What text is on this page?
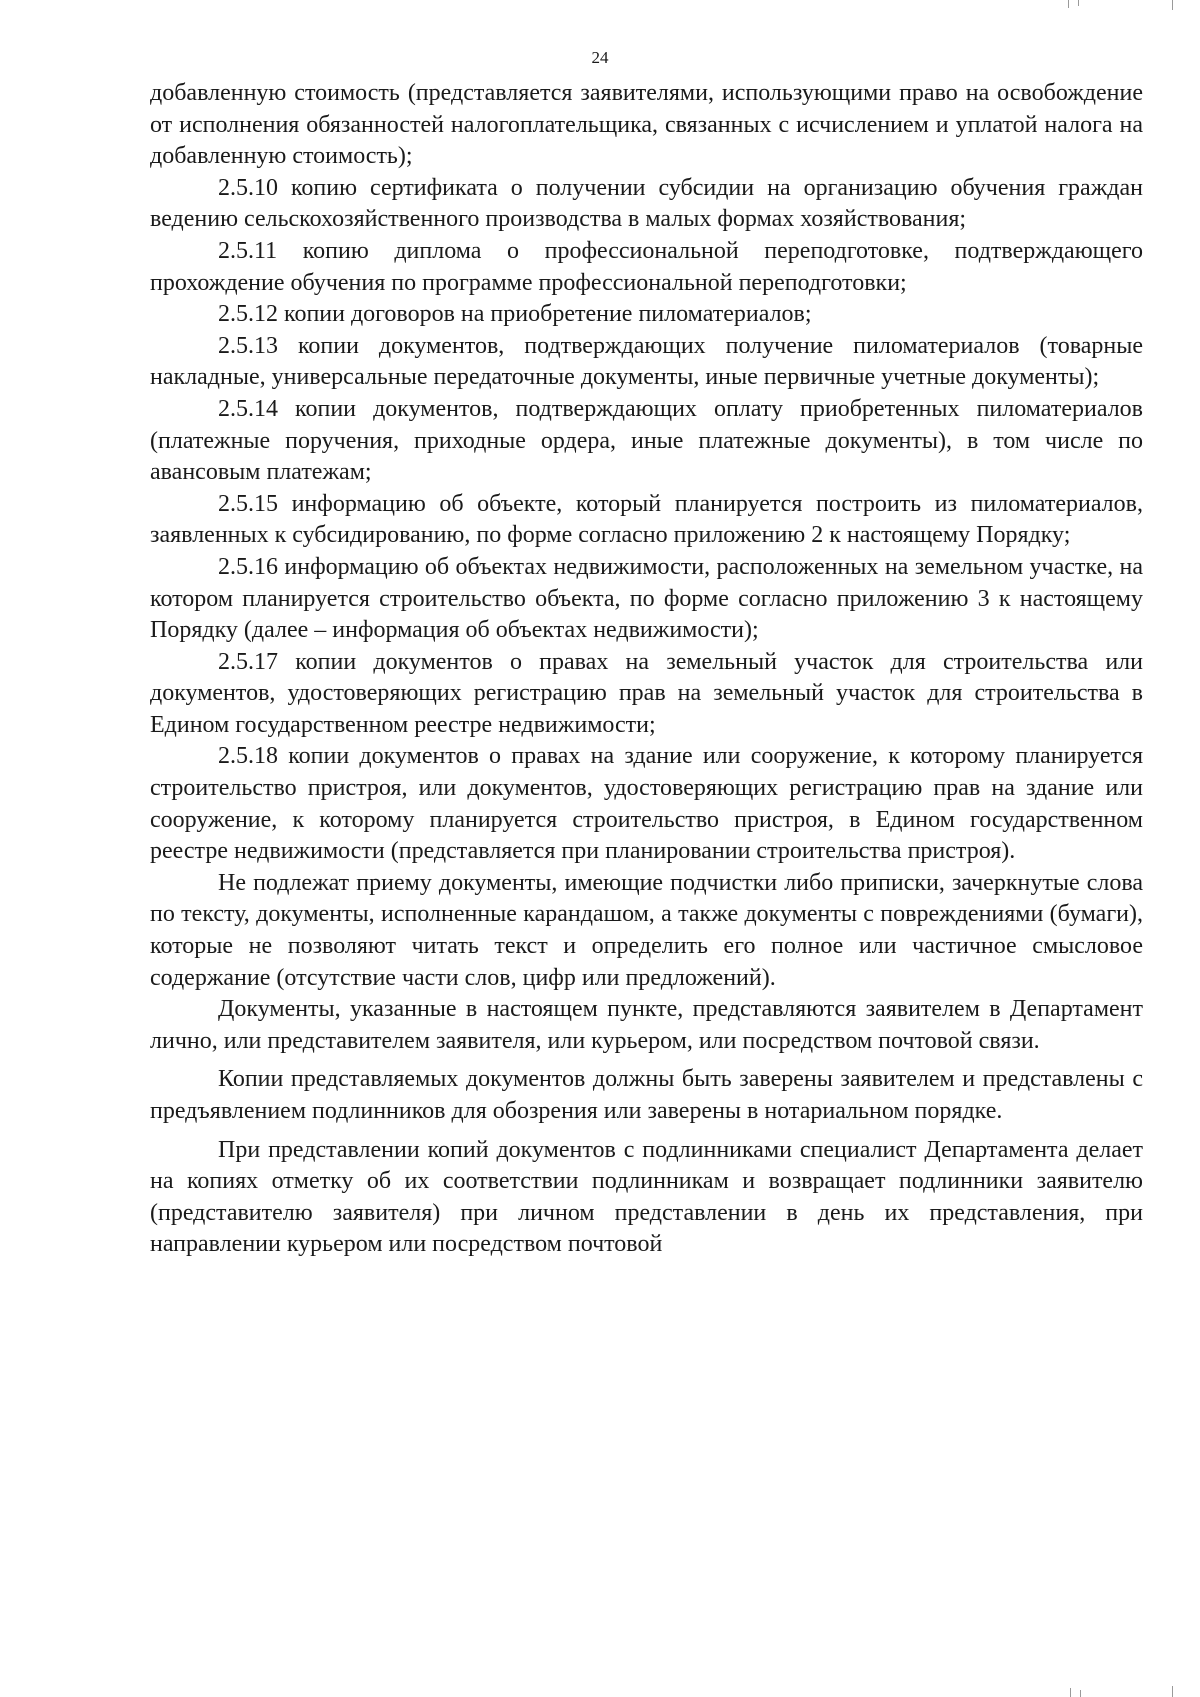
24

добавленную стоимость (представляется заявителями, использующими право на освобождение от исполнения обязанностей налогоплательщика, связанных с исчислением и уплатой налога на добавленную стоимость);

2.5.10 копию сертификата о получении субсидии на организацию обучения граждан ведению сельскохозяйственного производства в малых формах хозяйствования;

2.5.11 копию диплома о профессиональной переподготовке, подтверждающего прохождение обучения по программе профессиональной переподготовки;

2.5.12 копии договоров на приобретение пиломатериалов;

2.5.13 копии документов, подтверждающих получение пиломатериалов (товарные накладные, универсальные передаточные документы, иные первичные учетные документы);

2.5.14 копии документов, подтверждающих оплату приобретенных пиломатериалов (платежные поручения, приходные ордера, иные платежные документы), в том числе по авансовым платежам;

2.5.15 информацию об объекте, который планируется построить из пиломатериалов, заявленных к субсидированию, по форме согласно приложению 2 к настоящему Порядку;

2.5.16 информацию об объектах недвижимости, расположенных на земельном участке, на котором планируется строительство объекта, по форме согласно приложению 3 к настоящему Порядку (далее – информация об объектах недвижимости);

2.5.17 копии документов о правах на земельный участок для строительства или документов, удостоверяющих регистрацию прав на земельный участок для строительства в Едином государственном реестре недвижимости;

2.5.18 копии документов о правах на здание или сооружение, к которому планируется строительство пристроя, или документов, удостоверяющих регистрацию прав на здание или сооружение, к которому планируется строительство пристроя, в Едином государственном реестре недвижимости (представляется при планировании строительства пристроя).

Не подлежат приему документы, имеющие подчистки либо приписки, зачеркнутые слова по тексту, документы, исполненные карандашом, а также документы с повреждениями (бумаги), которые не позволяют читать текст и определить его полное или частичное смысловое содержание (отсутствие части слов, цифр или предложений).

Документы, указанные в настоящем пункте, представляются заявителем в Департамент лично, или представителем заявителя, или курьером, или посредством почтовой связи.

Копии представляемых документов должны быть заверены заявителем и представлены с предъявлением подлинников для обозрения или заверены в нотариальном порядке.

При представлении копий документов с подлинниками специалист Департамента делает на копиях отметку об их соответствии подлинникам и возвращает подлинники заявителю (представителю заявителя) при личном представлении в день их представления, при направлении курьером или посредством почтовой
